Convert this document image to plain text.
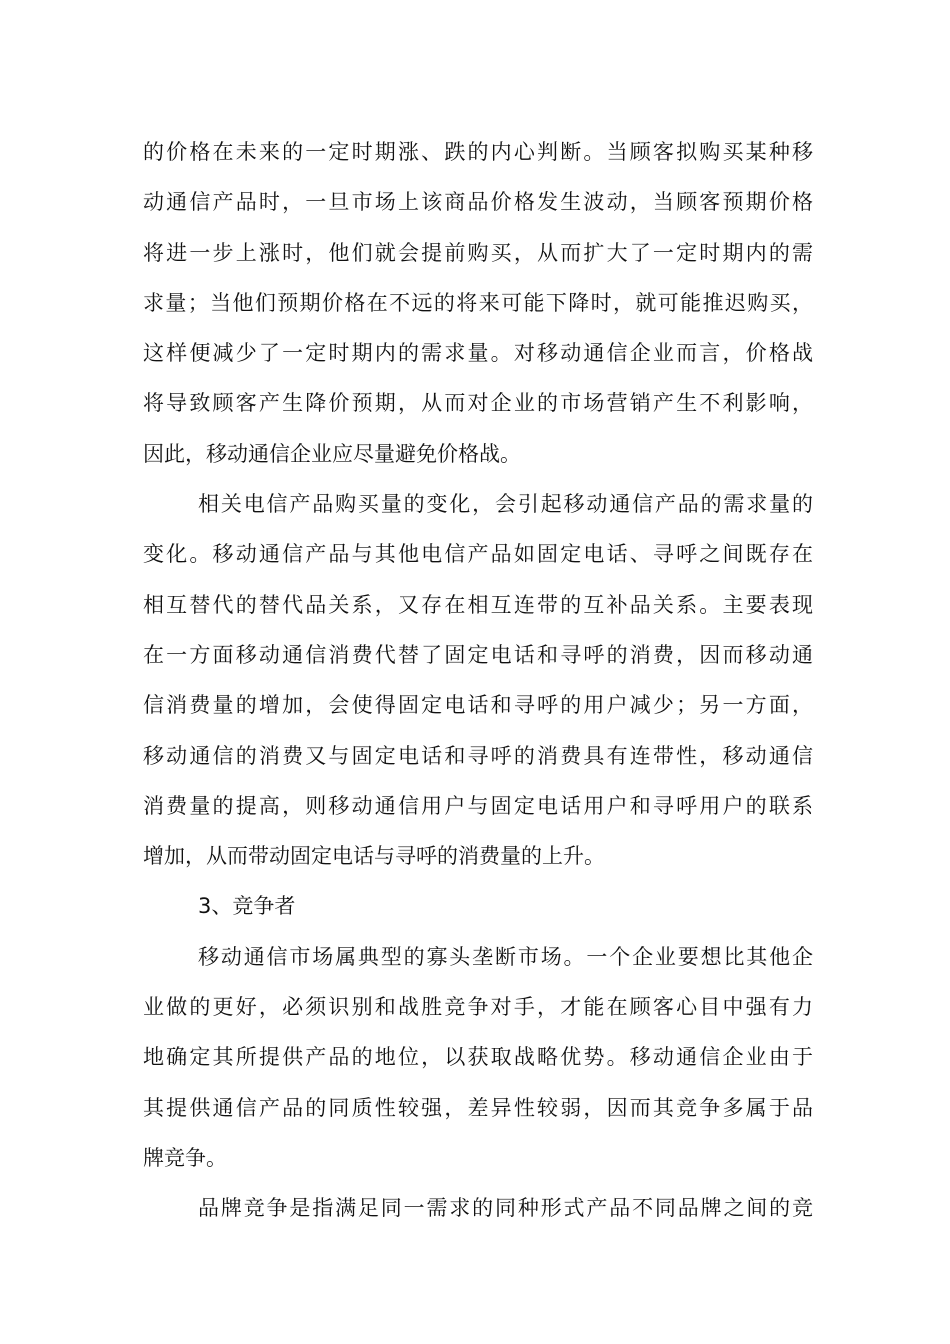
的价格在未来的一定时期涨、跌的内心判断。当顾客拟购买某种移
动通信产品时，一旦市场上该商品价格发生波动，当顾客预期价格
将进一步上涨时，他们就会提前购买，从而扩大了一定时期内的需
求量；当他们预期价格在不远的将来可能下降时，就可能推迟购买，
这样便减少了一定时期内的需求量。对移动通信企业而言，价格战
将导致顾客产生降价预期，从而对企业的市场营销产生不利影响，
因此，移动通信企业应尽量避免价格战。
相关电信产品购买量的变化，会引起移动通信产品的需求量的
变化。移动通信产品与其他电信产品如固定电话、寻呼之间既存在
相互替代的替代品关系，又存在相互连带的互补品关系。主要表现
在一方面移动通信消费代替了固定电话和寻呼的消费，因而移动通
信消费量的增加，会使得固定电话和寻呼的用户减少；另一方面，
移动通信的消费又与固定电话和寻呼的消费具有连带性，移动通信
消费量的提高，则移动通信用户与固定电话用户和寻呼用户的联系
增加，从而带动固定电话与寻呼的消费量的上升。
3、竞争者
移动通信市场属典型的寡头垄断市场。一个企业要想比其他企
业做的更好，必须识别和战胜竞争对手，才能在顾客心目中强有力
地确定其所提供产品的地位，以获取战略优势。移动通信企业由于
其提供通信产品的同质性较强，差异性较弱，因而其竞争多属于品
牌竞争。
品牌竞争是指满足同一需求的同种形式产品不同品牌之间的竞
